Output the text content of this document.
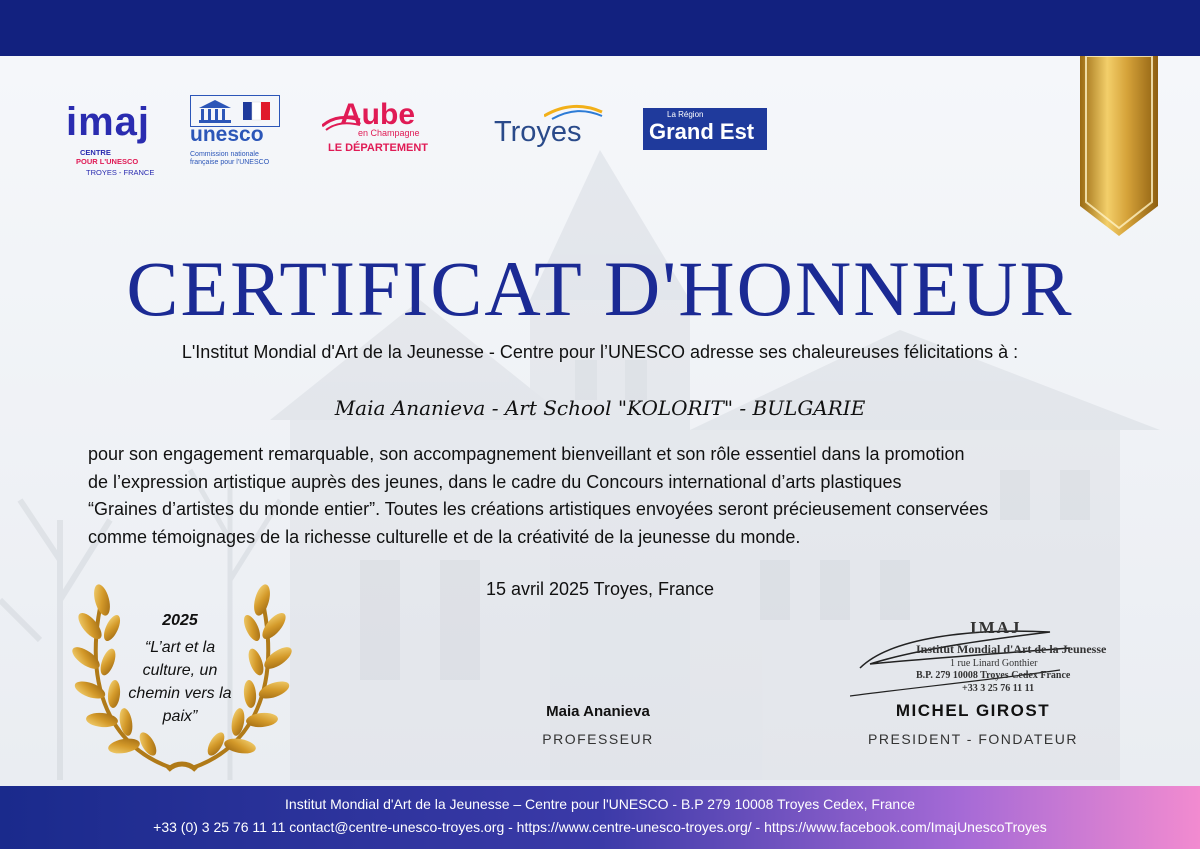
imaj
CENTRE
POUR L'UNESCO
TROYES - FRANCE
unesco
Commission nationale
française pour l'UNESCO
Aube
en Champagne
LE DÉPARTEMENT Troyes
La Région
Grand Est
CERTIFICAT D'HONNEUR
L'Institut Mondial d'Art de la Jeunesse - Centre pour l’UNESCO adresse ses chaleureuses félicitations à :
Maia Ananieva - Art School "KOLORIT" - BULGARIE
pour son engagement remarquable, son accompagnement bienveillant et son rôle essentiel dans la promotion
de l’expression artistique auprès des jeunes, dans le cadre du Concours international d’arts plastiques
“Graines d’artistes du monde entier”. Toutes les créations artistiques envoyées seront précieusement conservées
comme témoignages de la richesse culturelle et de la créativité de la jeunesse du monde.
15 avril 2025 Troyes, France
2025
“L’art et la
culture, un
chemin vers la
paix”
IMAJ
Institut Mondial d'Art de la Jeunesse
1 rue Linard Gonthier
B.P. 279 10008 Troyes Cedex France
+33 3 25 76 11 11
Maia Ananieva
PROFESSEUR
MICHEL GIROST
PRESIDENT - FONDATEUR
Institut Mondial d'Art de la Jeunesse – Centre pour l'UNESCO - B.P 279 10008 Troyes Cedex, France
+33 (0) 3 25 76 11 11 contact@centre-unesco-troyes.org - https://www.centre-unesco-troyes.org/ - https://www.facebook.com/ImajUnescoTroyes
